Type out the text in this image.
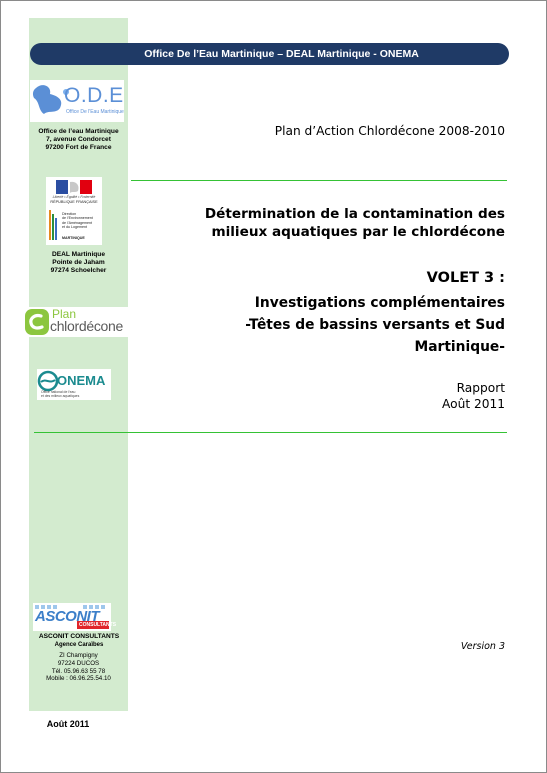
Office De l’Eau Martinique – DEAL Martinique - ONEMA
O.D.E
Office De l'Eau Martinique
Office de l’eau Martinique
7, avenue Condorcet
97200 Fort de France
Liberté • Égalité • Fraternité
RÉPUBLIQUE FRANÇAISE
Direction
de l’Environnement
de l’Aménagement
et du Logement
MARTINIQUE
DEAL Martinique
Pointe de Jaham
97274 Schoelcher
Plan
chlordécone
ONEMA
Office national de l'eau
et des milieux aquatiques
ASCONIT
CONSULTANTS
ASCONIT CONSULTANTS
Agence Caraïbes
ZI Champigny
97224 DUCOS
Tél. 05.96.63 55 78
Mobile : 06.96.25.54.10
Août 2011
Plan d’Action Chlordécone 2008-2010
Détermination de la contamination des
milieux aquatiques par le chlordécone
VOLET 3 :
Investigations complémentaires
-Têtes de bassins versants et Sud
Martinique-
Rapport
Août 2011
Version 3
